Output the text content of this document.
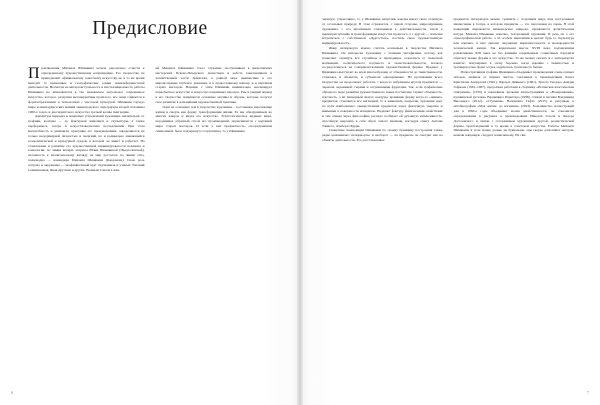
Предисловие

Произведения Михаила Шемякина нельзя однозначно отнести к определенному художественному направлению. Его творчество не принадлежит официальному советскому искусству, но в то же время выходит за временные и географические рамки нонконформистской деятельности. Несмотря на интертекстуальность и инсталляционность работы Шемякина не вписываются в так называемое актуальное современное искусство, которое, разрушая метанарративы прошлого, все чаще сливается в формообразовании и технологиях с массовой культурой. Шемякин гораздо шире и авангардистских веяний ленинградского андеграунда второй половины 1960-х годов, и диссидентского искусства третьей волны эмиграции.

Амплитуда видовых и жанровых устремлений художника значительна: от графики, коллажа — до фактурной живописи и скульптуры, а также перформанса, театра и искусствоведческих исследований. При этом масштабность и динамизм, присущие его произведениям, определяются не только неординарной личностью и энергией, но и радикально меняющейся геополитической и культурной средой, в которой он живет и работает. На становление и развитие его художественной индивидуальности повлияла и генеалогия: по линии матери, актрисы Юлии Шемякиной (Предтеченской), склонность к аналитическому взгляду на мир досталась по линии отца, полководца — командира Михаила Шемякина (Кардановa). Свою роль сыграло и окружение — неофициальный круг художников и ученых: Евгений Семеншенков, Яков Друскин и другие. Важным этапом в жиз-

ни Михаила Шемякина стало служение послушником в иконописных мастерских Псково-Печерского монастыря и работа такелажником в хозяйственной части Эрмитажа, в равной мере привнесшие в его мировоззрение глубокое уважение и к православному канону, и к картинам старых мастеров. Наравне с этим Шемякин внимательно анализирует первобытное искусство и искусство племенных народов. Уже в ранний период в его творчестве появляются основные мотивы и образы, которые получат свое развитие в дальнейшей художественной практике.

Одна из основных тем в творчестве художника – постоянное перетекание жизни в смерть как форму трансформации жизни. Ее мы обнаруживаем во многих жанрах и видах его искусства. Эсхатологическое видение мира, породившее образный строй его произведений, перекликается с картиной мира старых мастеров. И если у них предметность, опосредованная символикой, была подчеркнуто стереотипна, то у Шемякина

6

черкнуто стереотипно, то у Шемякина напротив, каждая имеет свою отличную от остальных природу. В этом отражается, с одной стороны, мироощущение художника, с его ироничным отношением к действительности, тягой к первоприступанию и трансформации искусства прошлого, а с другой — попытки встретиться с собственной «Другостью», постичь свою художественную индивидуальность.

Жанр натюрморта можно считать ключевым в творчестве Михаила Шемякина. Он интересен художнику с позиции метафизики, потому как позволяет отринуть все случайное и преходящее, отказаться от сюжетной мотивации, политического подтекста и повествовательности, всецело сосредоточиться на совершенствовании художественной формы. Предмет у Шемякина выступает во всем многообразии, от обыденности до таинственности, становясь и объектом, и субъектом одновременно. На протяжении всего творчества он продолжает работать с когда-то избранным кругом предметов — черепом, керамикой, сырами и засушенными фруктами. Так, если графические образы по мере развития художественного языка постепенно теряют объемность, плотность, а их линеарный силуэт, контуры, хранящие форму когда-то «живых» предметов, становятся все наглядней, то в живописи, напротив, художник идет по пути наибольшего овеществления предметов через фактурную энергию и внимание к поверхности материала. Наделяет фактуру физическими свойствами и тем самым через философию распада сообщает ей духовную интенсивность, способную выразить в себе образ самого времени, наследуя опыту Антони Тапиеса, Альберто Бурри.

Сюжетные композиции Шемякина по своему принципу построения также редко напоминают натюрморты: и наоборот — на предметы он смотрит как на объекты деятельности. Его расставленные

предметов натюрморта можно сравнить с созданием мира или построением мизансцены в театре, в котором предметы — это персонажи на сцене. В этой концепции выражается визионерская природа, проявляется артистическая натура. Михаил Шемякин, конечно, театральный художник. И речь не о его сценографической работе, а об особом мышлении в целом: будь то скульптура или картина, в них сквозит ощущение марионеточности и маскарадности человеческой жизни. Так кармольная мысль XVIII века, подхваченная романтиками XIX века, не без влияния современных социальных парадигм обретает новые формы в его искусстве. То же можно сказать и о натюрмортах ванитас, популярных в эпоху барокко, когда наравне с пышностью и чрезмерностью форм острее ощущалась трагичность бытия.

Иллюстративная графика Шемякина объединяет произведения очень разных авторов, начиная от первых листов, сделанных к произведениям Ханса Кристиана Андерсена (1961), Чарльза Диккенса (1961), Эрнста Теодора Амадея Гофмана (1961–1967), продолжая работами к сборнику «Испанская классическая эпиграмма» (1970) и заканчивая зрелыми иллюстрациями к «Возвращению» пушкинской русалки» Владимира Рецептера (1998), стихам и песням Владимира Высоцкого (2012), «Ступеням» Валентина Гафта (2015) и рисункам к автобиографии «Моя жизнь: до изгнания» (2023). Большинство иллюстраций уже в 1960-е годы объединяет мотив двойственности, он становится определяющим в рисунках к произведениям Николая Гоголя и Федора Достоевского и связан с отторжением художником другой, реалистической формы, преобладавшей в то время в советском искусстве. Работы Михаила Шемякина в этом жанре далеко не буквальны, они скорее дополняют авторов, нежели напрямую следуют написанному. Их свя-

7
